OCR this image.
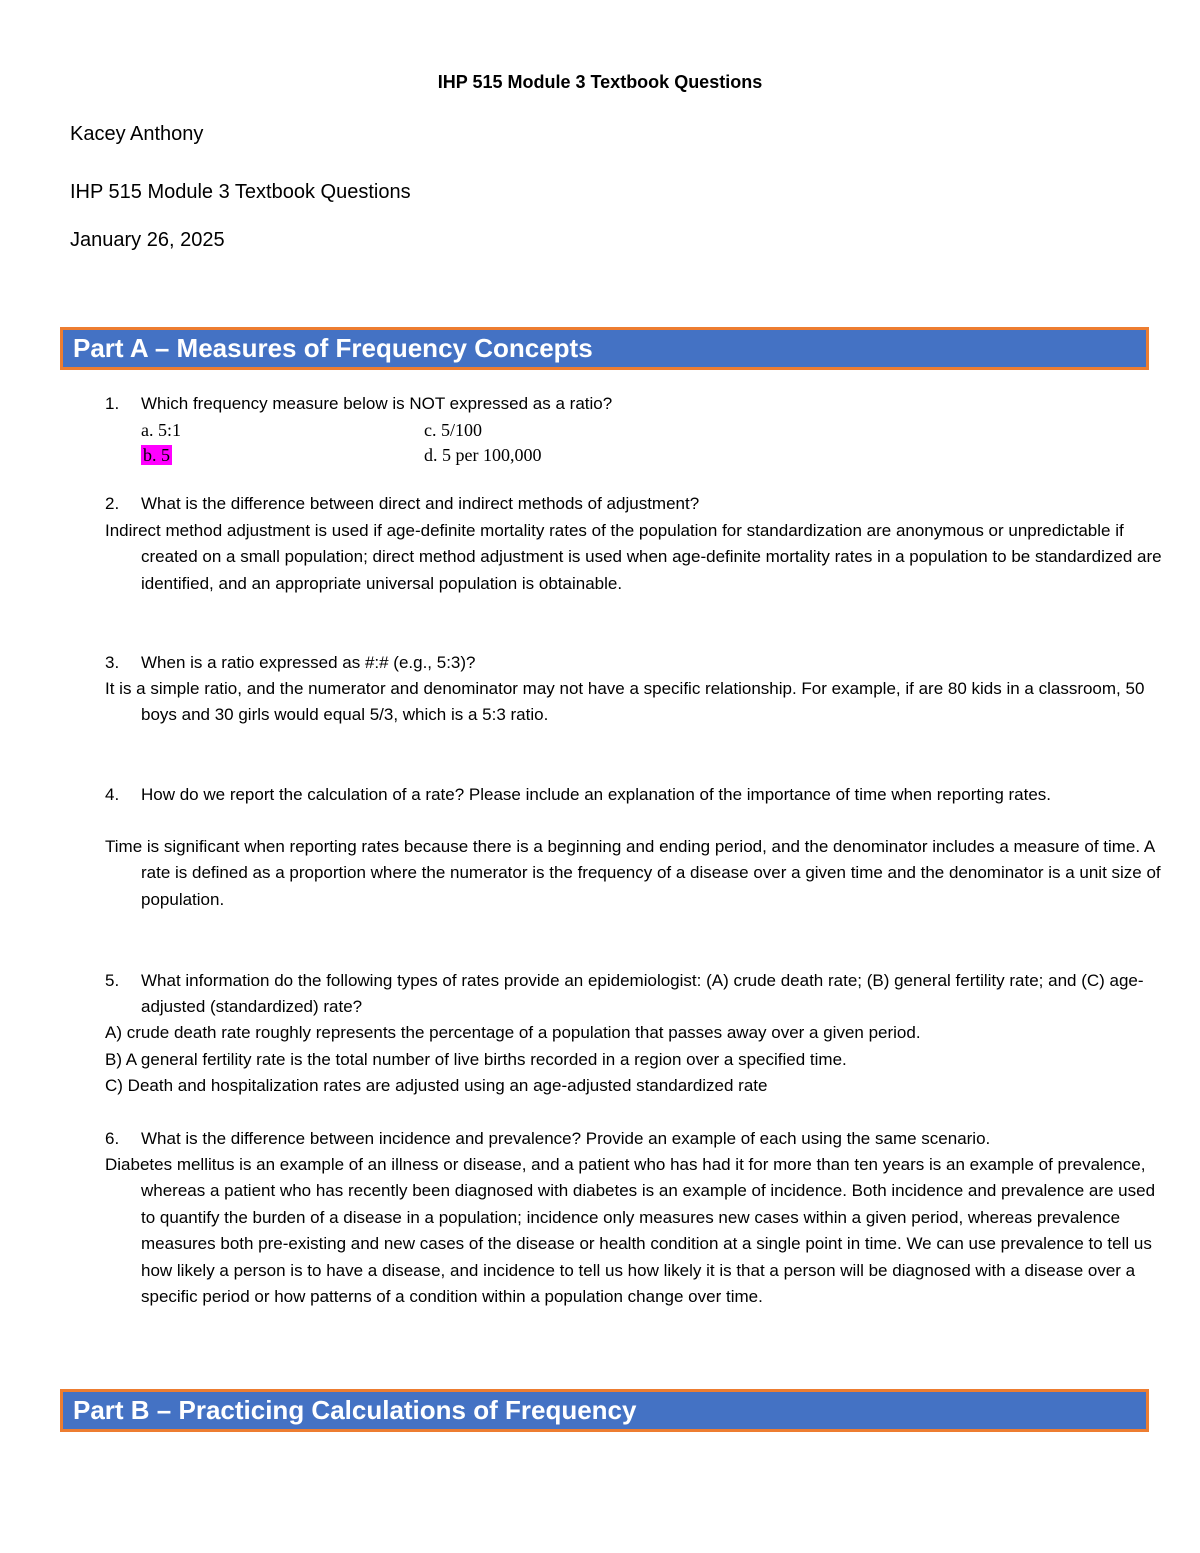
IHP 515 Module 3 Textbook Questions
Kacey Anthony
IHP 515 Module 3 Textbook Questions
January 26, 2025
Part A – Measures of Frequency Concepts
1. Which frequency measure below is NOT expressed as a ratio?
a. 5:1	c. 5/100
b. 5	d. 5 per 100,000
2. What is the difference between direct and indirect methods of adjustment?
Indirect method adjustment is used if age-definite mortality rates of the population for standardization are anonymous or unpredictable if created on a small population; direct method adjustment is used when age-definite mortality rates in a population to be standardized are identified, and an appropriate universal population is obtainable.
3. When is a ratio expressed as #:# (e.g., 5:3)?
It is a simple ratio, and the numerator and denominator may not have a specific relationship. For example, if are 80 kids in a classroom, 50 boys and 30 girls would equal 5/3, which is a 5:3 ratio.
4. How do we report the calculation of a rate? Please include an explanation of the importance of time when reporting rates.
Time is significant when reporting rates because there is a beginning and ending period, and the denominator includes a measure of time. A rate is defined as a proportion where the numerator is the frequency of a disease over a given time and the denominator is a unit size of population.
5. What information do the following types of rates provide an epidemiologist: (A) crude death rate; (B) general fertility rate; and (C) age-adjusted (standardized) rate?
A) crude death rate roughly represents the percentage of a population that passes away over a given period.
B) A general fertility rate is the total number of live births recorded in a region over a specified time.
C) Death and hospitalization rates are adjusted using an age-adjusted standardized rate
6. What is the difference between incidence and prevalence? Provide an example of each using the same scenario.
Diabetes mellitus is an example of an illness or disease, and a patient who has had it for more than ten years is an example of prevalence, whereas a patient who has recently been diagnosed with diabetes is an example of incidence. Both incidence and prevalence are used to quantify the burden of a disease in a population; incidence only measures new cases within a given period, whereas prevalence measures both pre-existing and new cases of the disease or health condition at a single point in time. We can use prevalence to tell us how likely a person is to have a disease, and incidence to tell us how likely it is that a person will be diagnosed with a disease over a specific period or how patterns of a condition within a population change over time.
Part B – Practicing Calculations of Frequency
